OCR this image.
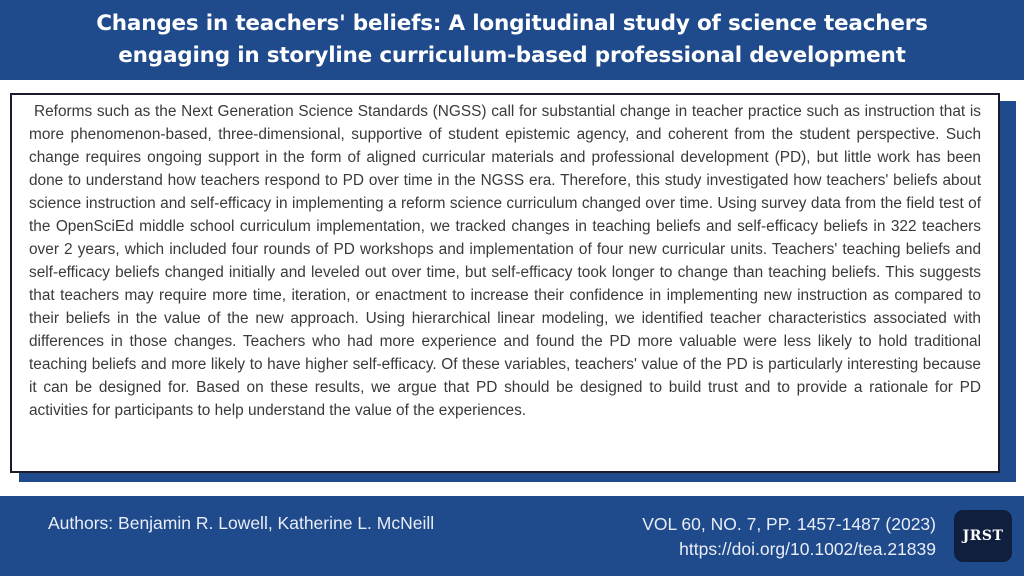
Changes in teachers' beliefs: A longitudinal study of science teachers
engaging in storyline curriculum-based professional development

Reforms such as the Next Generation Science Standards (NGSS) call for substantial change in teacher practice such as instruction that is more phenomenon-based, three-dimensional, supportive of student epistemic agency, and coherent from the student perspective. Such change requires ongoing support in the form of aligned curricular materials and professional development (PD), but little work has been done to understand how teachers respond to PD over time in the NGSS era. Therefore, this study investigated how teachers' beliefs about science instruction and self-efficacy in implementing a reform science curriculum changed over time. Using survey data from the field test of the OpenSciEd middle school curriculum implementation, we tracked changes in teaching beliefs and self-efficacy beliefs in 322 teachers over 2 years, which included four rounds of PD workshops and implementation of four new curricular units. Teachers' teaching beliefs and self-efficacy beliefs changed initially and leveled out over time, but self-efficacy took longer to change than teaching beliefs. This suggests that teachers may require more time, iteration, or enactment to increase their confidence in implementing new instruction as compared to their beliefs in the value of the new approach. Using hierarchical linear modeling, we identified teacher characteristics associated with differences in those changes. Teachers who had more experience and found the PD more valuable were less likely to hold traditional teaching beliefs and more likely to have higher self-efficacy. Of these variables, teachers' value of the PD is particularly interesting because it can be designed for. Based on these results, we argue that PD should be designed to build trust and to provide a rationale for PD activities for participants to help understand the value of the experiences.

Authors: Benjamin R. Lowell, Katherine L. McNeill	VOL 60, NO. 7, PP. 1457-1487 (2023)
https://doi.org/10.1002/tea.21839
JRST
